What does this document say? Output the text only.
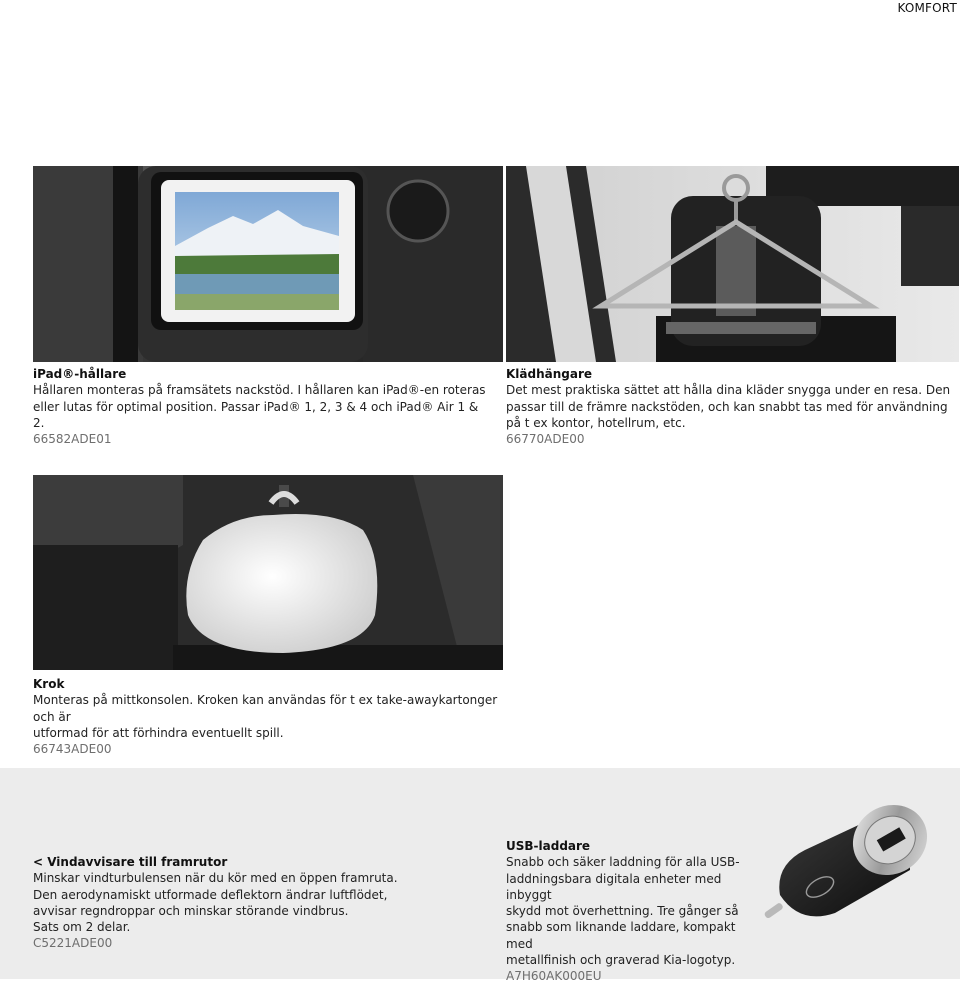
KOMFORT

iPad®-hållare

Hållaren monteras på framsätets nackstöd. I hållaren kan iPad®-en roteras

eller lutas för optimal position. Passar iPad® 1, 2, 3 & 4 och iPad® Air 1 & 2.

66582ADE01

Klädhängare

Det mest praktiska sättet att hålla dina kläder snygga under en resa. Den

passar till de främre nackstöden, och kan snabbt tas med för användning

på t ex kontor, hotellrum, etc.

66770ADE00

Krok

Monteras på mittkonsolen. Kroken kan användas för t ex take-awaykartonger och är

utformad för att förhindra eventuellt spill.

66743ADE00

< Vindavvisare till framrutor

Minskar vindturbulensen när du kör med en öppen framruta.

Den aerodynamiskt utformade deflektorn ändrar luftflödet,

avvisar regndroppar och minskar störande vindbrus.

Sats om 2 delar.

C5221ADE00

USB-laddare

Snabb och säker laddning för alla USB-

laddningsbara digitala enheter med inbyggt

skydd mot överhettning. Tre gånger så

snabb som liknande laddare, kompakt med

metallfinish och graverad Kia-logotyp.

A7H60AK000EU
